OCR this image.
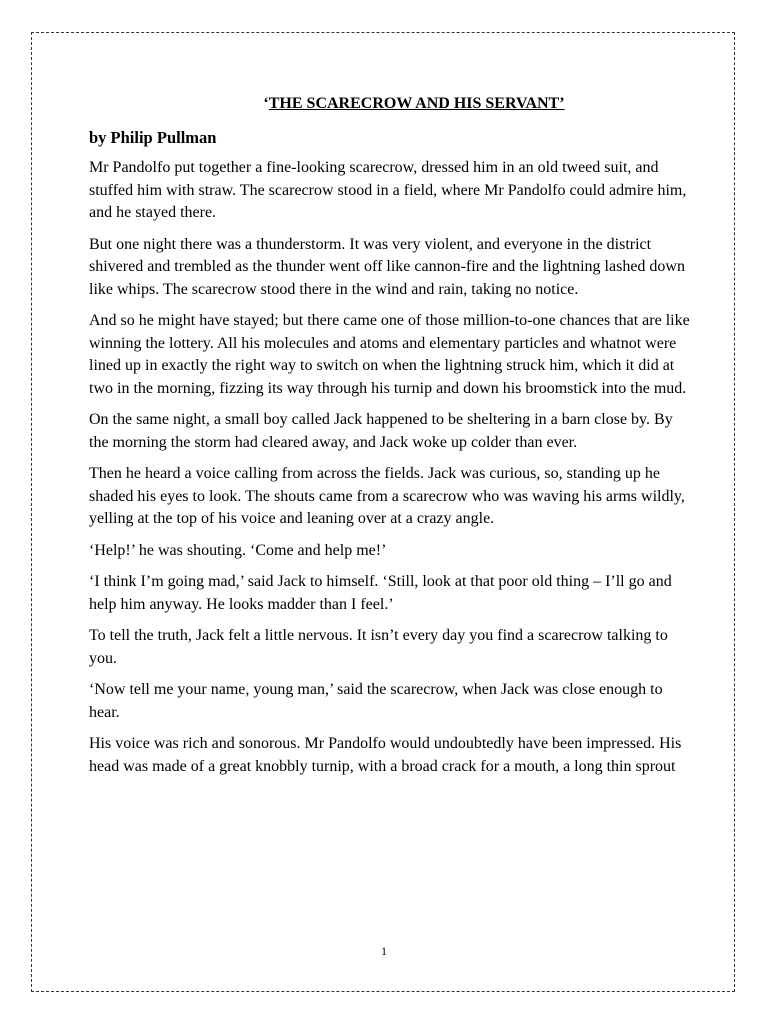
‘THE SCARECROW AND HIS SERVANT’
by Philip Pullman

Mr Pandolfo put together a fine-looking scarecrow, dressed him in an old tweed suit, and stuffed him with straw. The scarecrow stood in a field, where Mr Pandolfo could admire him, and he stayed there.

But one night there was a thunderstorm. It was very violent, and everyone in the district shivered and trembled as the thunder went off like cannon-fire and the lightning lashed down like whips. The scarecrow stood there in the wind and rain, taking no notice.

And so he might have stayed; but there came one of those million-to-one chances that are like winning the lottery. All his molecules and atoms and elementary particles and whatnot were lined up in exactly the right way to switch on when the lightning struck him, which it did at two in the morning, fizzing its way through his turnip and down his broomstick into the mud.

On the same night, a small boy called Jack happened to be sheltering in a barn close by. By the morning the storm had cleared away, and Jack woke up colder than ever.

Then he heard a voice calling from across the fields. Jack was curious, so, standing up he shaded his eyes to look. The shouts came from a scarecrow who was waving his arms wildly, yelling at the top of his voice and leaning over at a crazy angle.

‘Help!’ he was shouting. ‘Come and help me!’

‘I think I’m going mad,’ said Jack to himself. ‘Still, look at that poor old thing – I’ll go and help him anyway. He looks madder than I feel.’

To tell the truth, Jack felt a little nervous. It isn’t every day you find a scarecrow talking to you.

‘Now tell me your name, young man,’ said the scarecrow, when Jack was close enough to hear.

His voice was rich and sonorous. Mr Pandolfo would undoubtedly have been impressed. His head was made of a great knobbly turnip, with a broad crack for a mouth, a long thin sprout

1
